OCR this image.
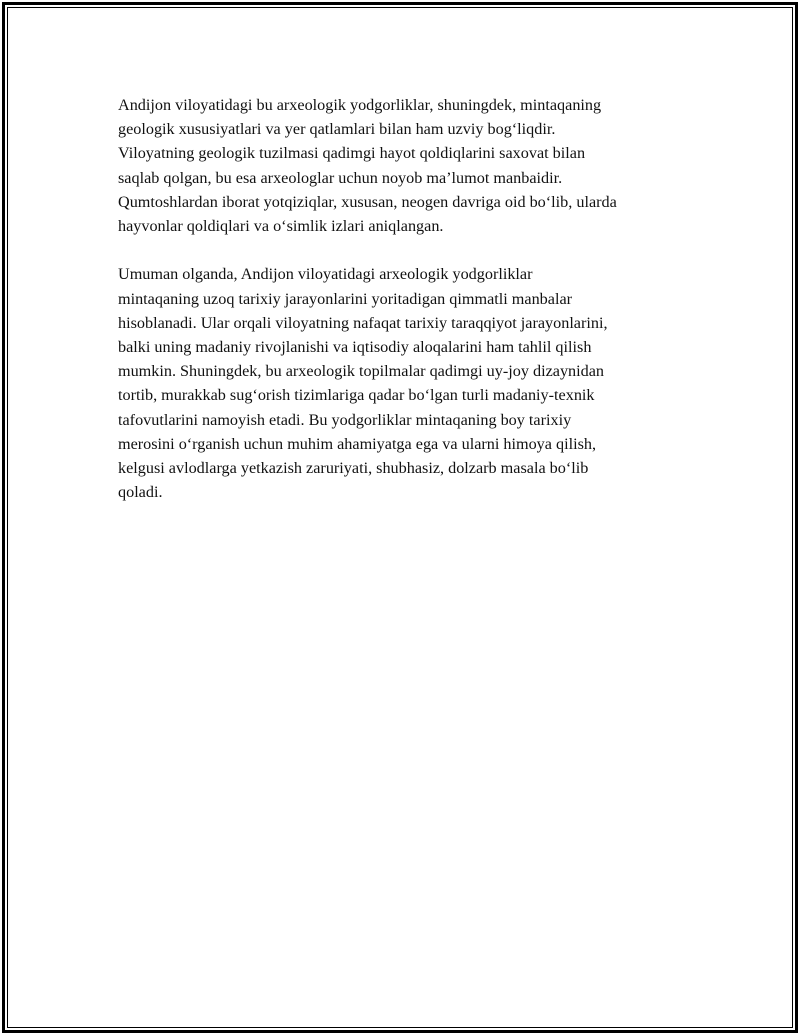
Andijon viloyatidagi bu arxeologik yodgorliklar, shuningdek, mintaqaning
geologik xususiyatlari va yer qatlamlari bilan ham uzviy bog‘liqdir.
Viloyatning geologik tuzilmasi qadimgi hayot qoldiqlarini saxovat bilan
saqlab qolgan, bu esa arxeologlar uchun noyob ma’lumot manbaidir.
Qumtoshlardan iborat yotqiziqlar, xususan, neogen davriga oid bo‘lib, ularda
hayvonlar qoldiqlari va o‘simlik izlari aniqlangan.

Umuman olganda, Andijon viloyatidagi arxeologik yodgorliklar
mintaqaning uzoq tarixiy jarayonlarini yoritadigan qimmatli manbalar
hisoblanadi. Ular orqali viloyatning nafaqat tarixiy taraqqiyot jarayonlarini,
balki uning madaniy rivojlanishi va iqtisodiy aloqalarini ham tahlil qilish
mumkin. Shuningdek, bu arxeologik topilmalar qadimgi uy-joy dizaynidan
tortib, murakkab sug‘orish tizimlariga qadar bo‘lgan turli madaniy-texnik
tafovutlarini namoyish etadi. Bu yodgorliklar mintaqaning boy tarixiy
merosini o‘rganish uchun muhim ahamiyatga ega va ularni himoya qilish,
kelgusi avlodlarga yetkazish zaruriyati, shubhasiz, dolzarb masala bo‘lib
qoladi.
